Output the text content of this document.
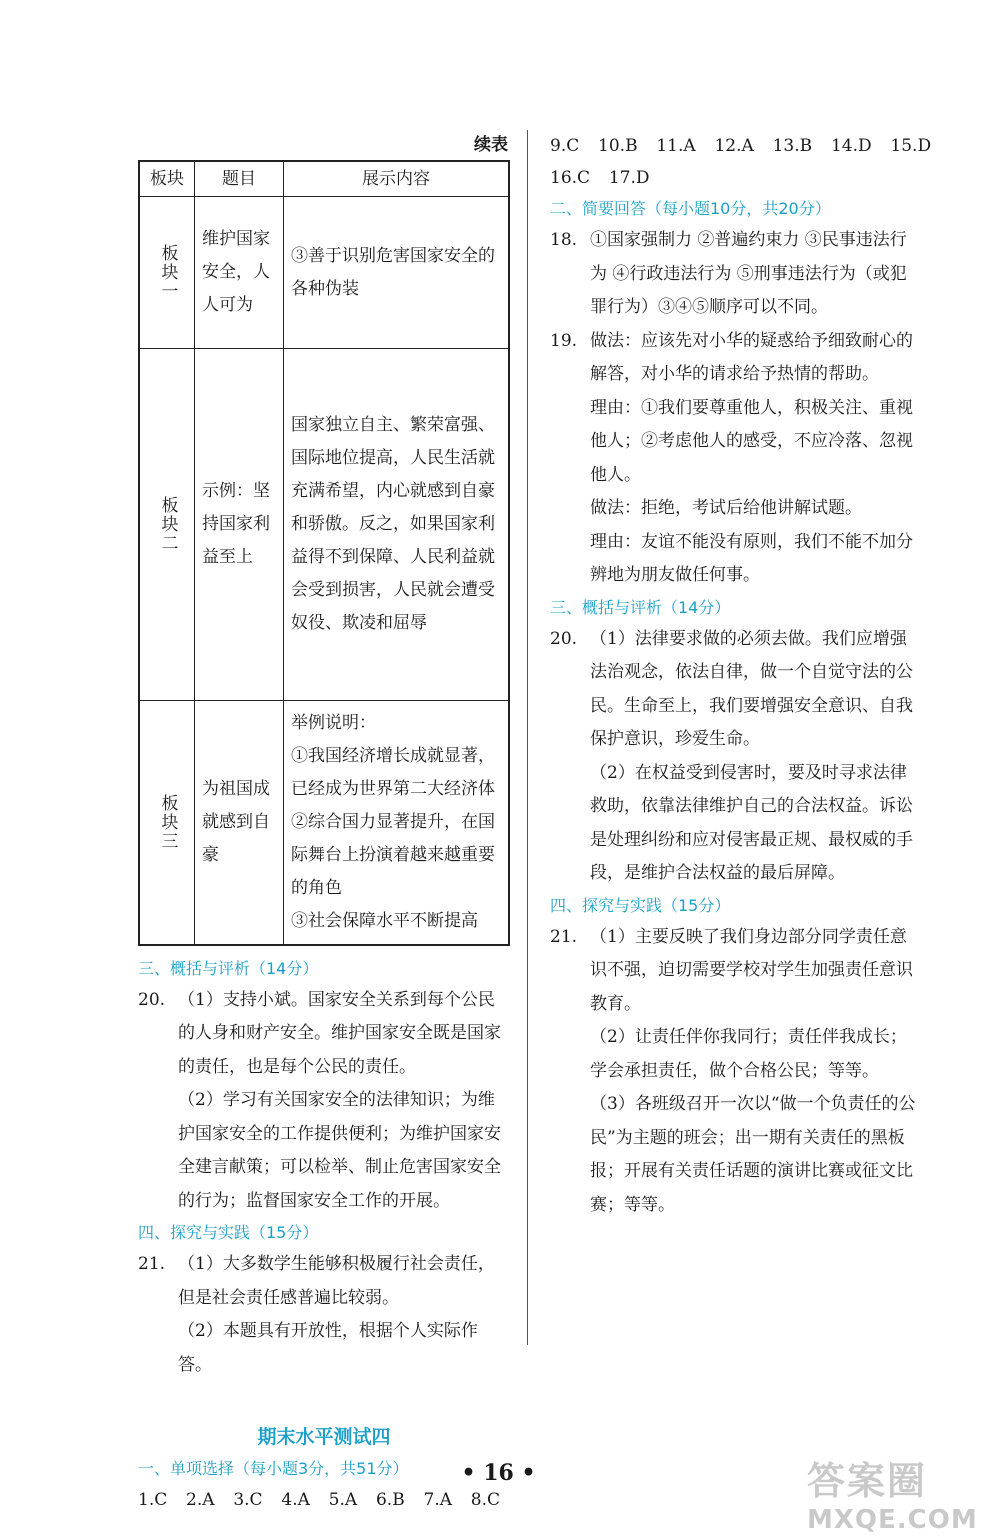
续表
板块	题目	展示内容

板块一	维护国家安全，人人可为	③善于识别危害国家安全的各种伪装

板块二	示例：坚持国家利益至上	国家独立自主、繁荣富强、国际地位提高，人民生活就充满希望，内心就感到自豪和骄傲。反之，如果国家利益得不到保障、人民利益就会受到损害，人民就会遭受奴役、欺凌和屈辱

板块三	为祖国成就感到自豪	举例说明：
①我国经济增长成就显著，已经成为世界第二大经济体
②综合国力显著提升，在国际舞台上扮演着越来越重要的角色
③社会保障水平不断提高
三、概括与评析（14分）
20. （1）支持小斌。国家安全关系到每个公民的人身和财产安全。维护国家安全既是国家的责任，也是每个公民的责任。

（2）学习有关国家安全的法律知识；为维护国家安全的工作提供便利；为维护国家安全建言献策；可以检举、制止危害国家安全的行为；监督国家安全工作的开展。

四、探究与实践（15分）
21. （1）大多数学生能够积极履行社会责任，但是社会责任感普遍比较弱。

（2）本题具有开放性，根据个人实际作答。

期末水平测试四
一、单项选择（每小题3分，共51分）
1.C  2.A  3.C  4.A  5.A  6.B  7.A  8.C
9.C  10.B  11.A  12.A  13.B  14.D  15.D
16.C  17.D
二、简要回答（每小题10分，共20分）
18. ①国家强制力 ②普遍约束力 ③民事违法行为 ④行政违法行为 ⑤刑事违法行为（或犯罪行为）③④⑤顺序可以不同。

19. 做法：应该先对小华的疑惑给予细致耐心的解答，对小华的请求给予热情的帮助。

理由：①我们要尊重他人，积极关注、重视他人；②考虑他人的感受，不应冷落、忽视他人。

做法：拒绝，考试后给他讲解试题。

理由：友谊不能没有原则，我们不能不加分辨地为朋友做任何事。

三、概括与评析（14分）
20. （1）法律要求做的必须去做。我们应增强法治观念，依法自律，做一个自觉守法的公民。生命至上，我们要增强安全意识、自我保护意识，珍爱生命。

（2）在权益受到侵害时，要及时寻求法律救助，依靠法律维护自己的合法权益。诉讼是处理纠纷和应对侵害最正规、最权威的手段，是维护合法权益的最后屏障。

四、探究与实践（15分）
21. （1）主要反映了我们身边部分同学责任意识不强，迫切需要学校对学生加强责任意识教育。

（2）让责任伴你我同行；责任伴我成长；学会承担责任，做个合格公民；等等。

（3）各班级召开一次以“做一个负责任的公民”为主题的班会；出一期有关责任的黑板报；开展有关责任话题的演讲比赛或征文比赛；等等。

• 16 •	答案圈
MXQE.COM
